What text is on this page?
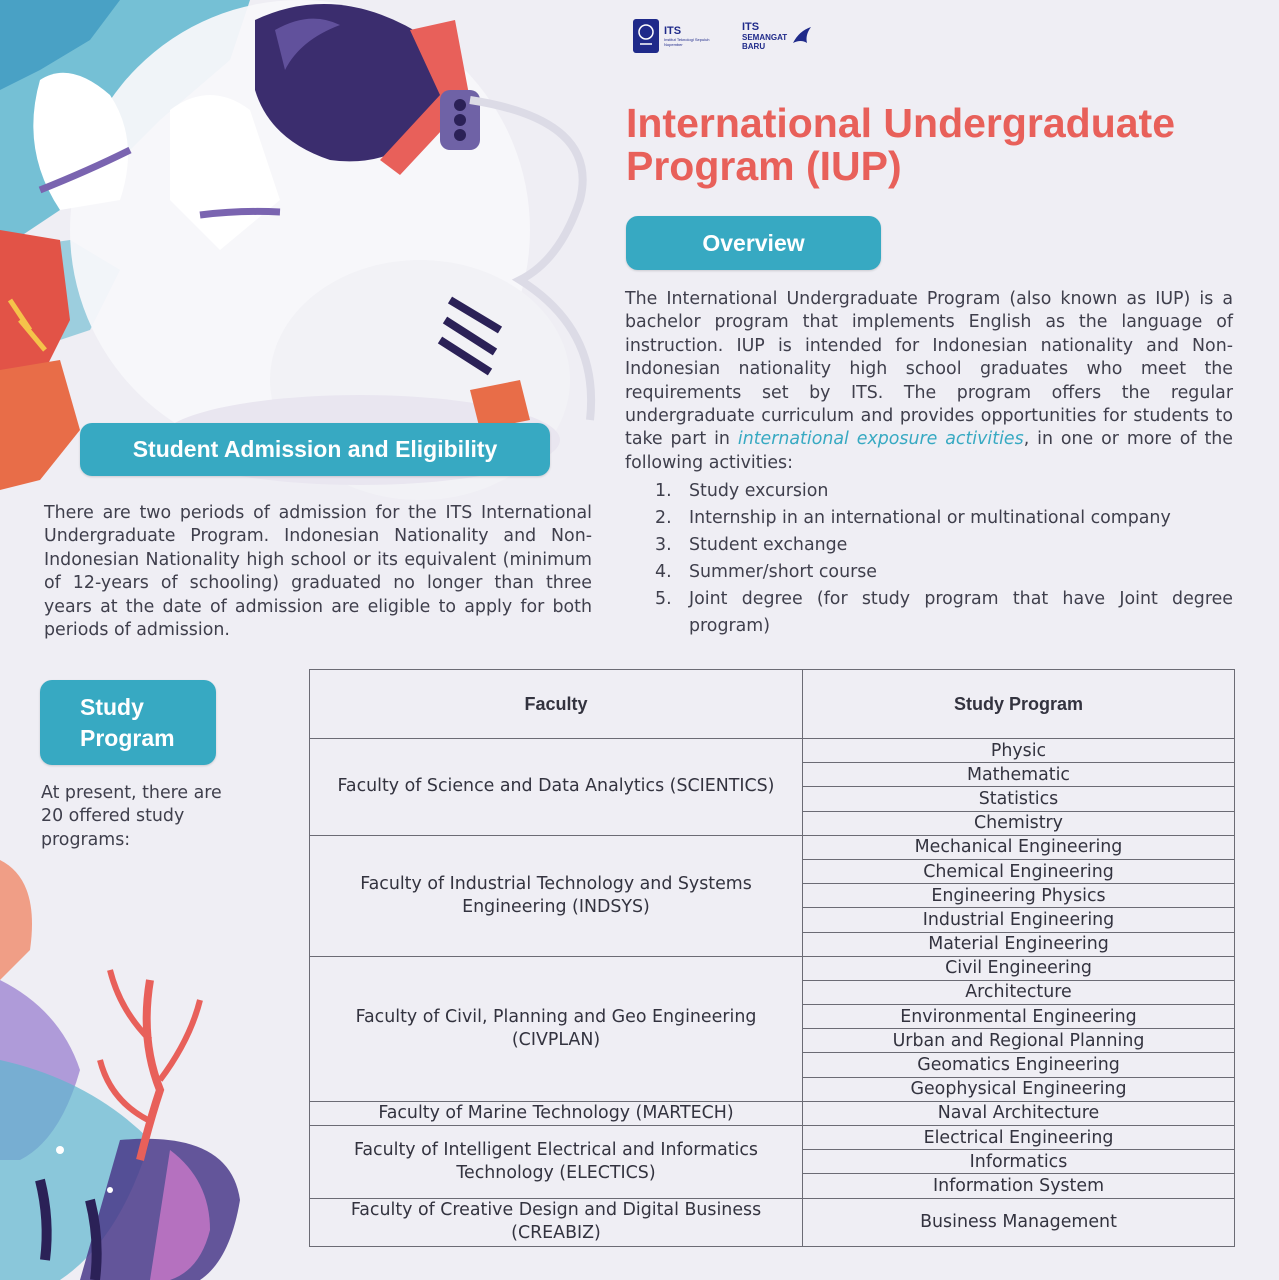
ITS
Institut Teknologi Sepuluh Nopember
ITS
SEMANGAT
BARU
International Undergraduate Program (IUP)
Overview

The International Undergraduate Program (also known as IUP) is a bachelor program that implements English as the language of instruction. IUP is intended for Indonesian nationality and Non-Indonesian nationality high school graduates who meet the requirements set by ITS. The program offers the regular undergraduate curriculum and provides opportunities for students to take part in international exposure activities, in one or more of the following activities:

1.	Study excursion
2.	Internship in an international or multinational company
3.	Student exchange
4.	Summer/short course
5.	Joint degree (for study program that have Joint degree program)
Student Admission and Eligibility

There are two periods of admission for the ITS International Undergraduate Program. Indonesian Nationality and Non-Indonesian Nationality high school or its equivalent (minimum of 12-years of schooling) graduated no longer than three years at the date of admission are eligible to apply for both periods of admission.

Study
Program

At present, there are 20 offered study programs:

Faculty	Study Program
Faculty of Science and Data Analytics (SCIENTICS)	Physic
	Mathematic
	Statistics
	Chemistry
Faculty of Industrial Technology and Systems Engineering (INDSYS)	Mechanical Engineering
	Chemical Engineering
	Engineering Physics
	Industrial Engineering
	Material Engineering
Faculty of Civil, Planning and Geo Engineering (CIVPLAN)	Civil Engineering
	Architecture
	Environmental Engineering
	Urban and Regional Planning
	Geomatics Engineering
	Geophysical Engineering
Faculty of Marine Technology (MARTECH)	Naval Architecture
Faculty of Intelligent Electrical and Informatics Technology (ELECTICS)	Electrical Engineering
	Informatics
	Information System
Faculty of Creative Design and Digital Business (CREABIZ)	Business Management
